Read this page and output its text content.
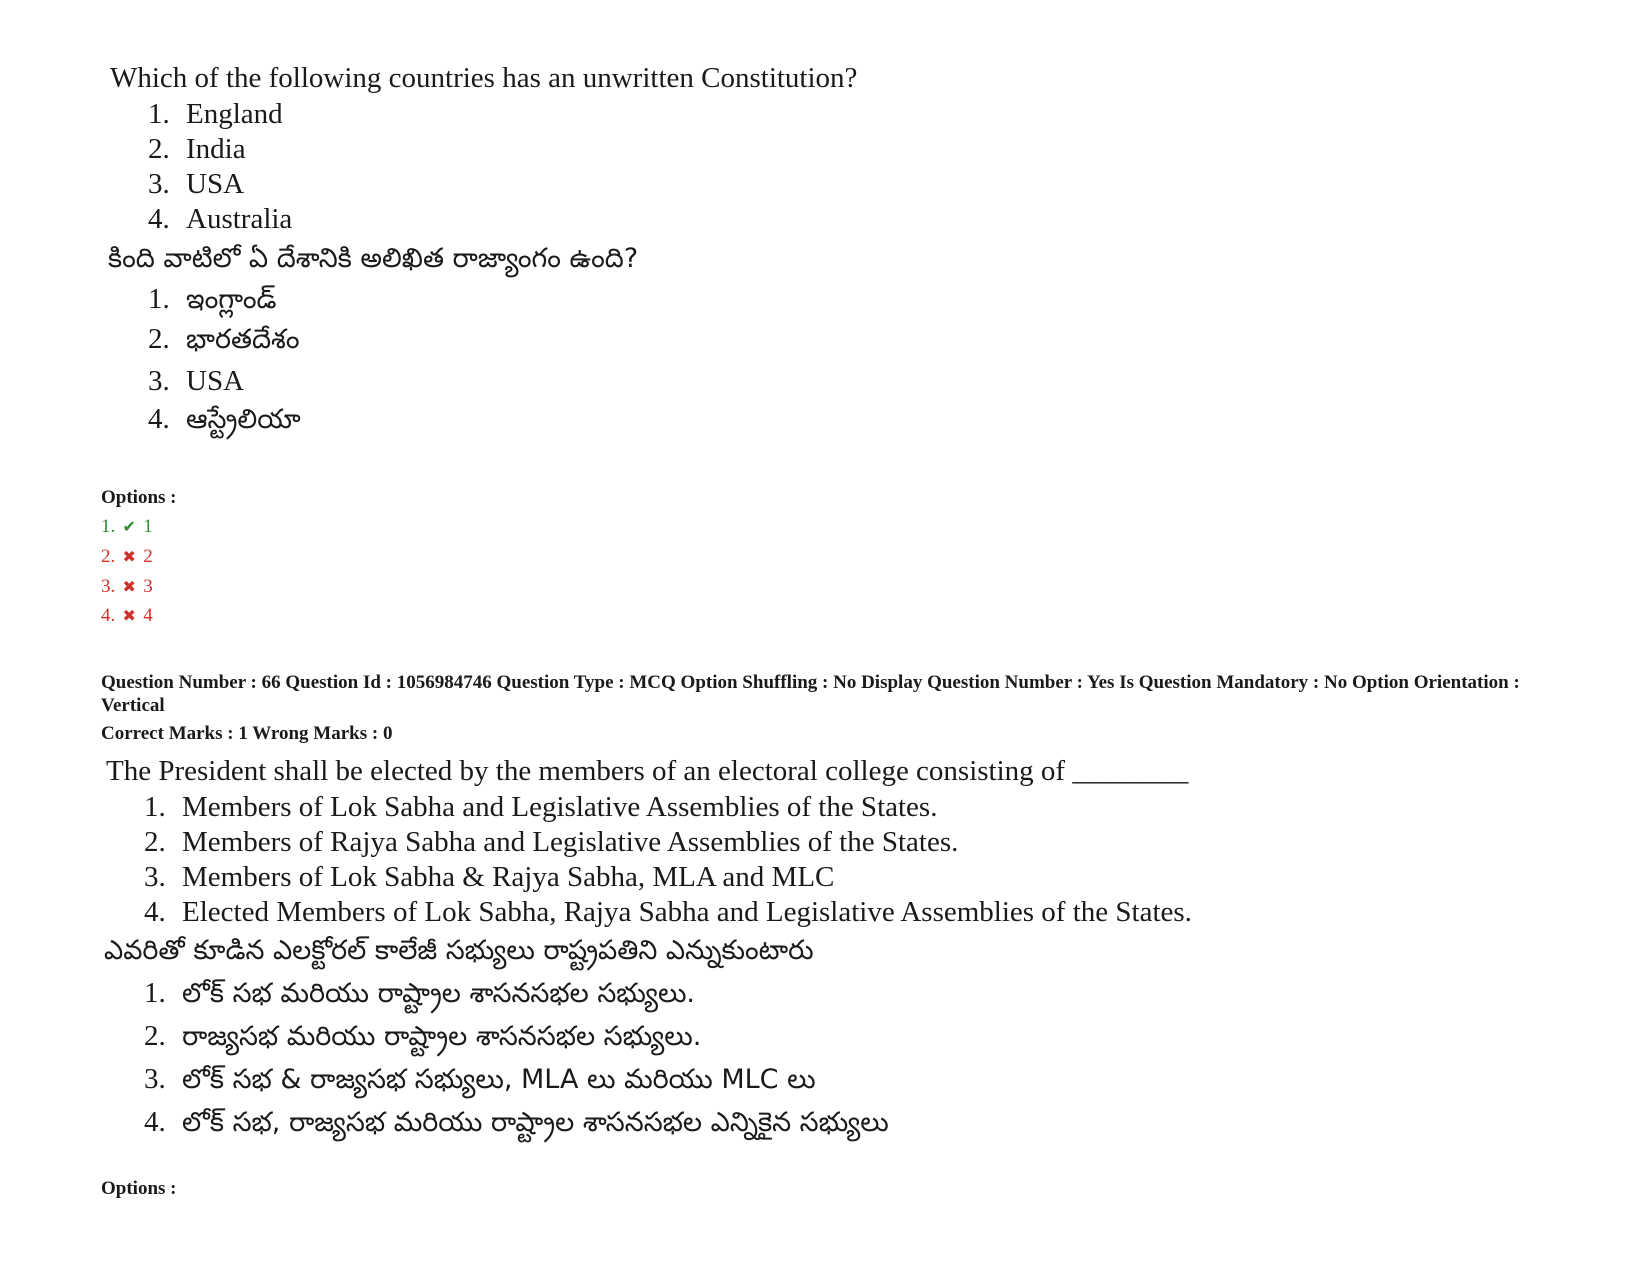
Which of the following countries has an unwritten Constitution?
1. England
2. India
3. USA
4. Australia
కింది వాటిలో ఏ దేశానికి అలిఖిత రాజ్యాంగం ఉంది?
1. ఇంగ్లాండ్
2. భారతదేశం
3. USA
4. ఆస్ట్రేలియా
Options :
1. ✔ 1
2. ✖ 2
3. ✖ 3
4. ✖ 4
Question Number : 66 Question Id : 1056984746 Question Type : MCQ Option Shuffling : No Display Question Number : Yes Is Question Mandatory : No Option Orientation : Vertical
Correct Marks : 1 Wrong Marks : 0
The President shall be elected by the members of an electoral college consisting of ________
1. Members of Lok Sabha and Legislative Assemblies of the States.
2. Members of Rajya Sabha and Legislative Assemblies of the States.
3. Members of Lok Sabha & Rajya Sabha, MLA and MLC
4. Elected Members of Lok Sabha, Rajya Sabha and Legislative Assemblies of the States.
ఎవరితో కూడిన ఎలక్టోరల్ కాలేజీ సభ్యులు రాష్ట్రపతిని ఎన్నుకుంటారు
1. లోక్ సభ మరియు రాష్ట్రాల శాసనసభల సభ్యులు.
2. రాజ్యసభ మరియు రాష్ట్రాల శాసనసభల సభ్యులు.
3. లోక్ సభ & రాజ్యసభ సభ్యులు, MLA లు మరియు MLC లు
4. లోక్ సభ, రాజ్యసభ మరియు రాష్ట్రాల శాసనసభల ఎన్నికైన సభ్యులు
Options :
